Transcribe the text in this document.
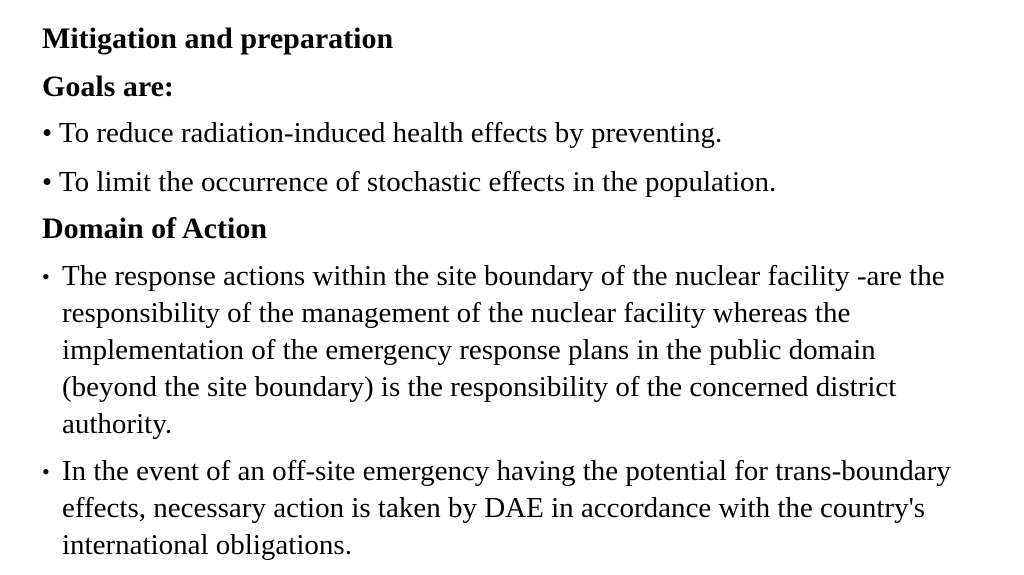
Mitigation and preparation
Goals are:
• To reduce radiation-induced health effects by preventing.
• To limit the occurrence of stochastic effects in the population.
Domain of Action
• The response actions within the site boundary of the nuclear facility -are the responsibility of the management of the nuclear facility whereas the implementation of the emergency response plans in the public domain (beyond the site boundary) is the responsibility of the concerned district authority.
• In the event of an off-site emergency having the potential for trans-boundary effects, necessary action is taken by DAE in accordance with the country's international obligations.
